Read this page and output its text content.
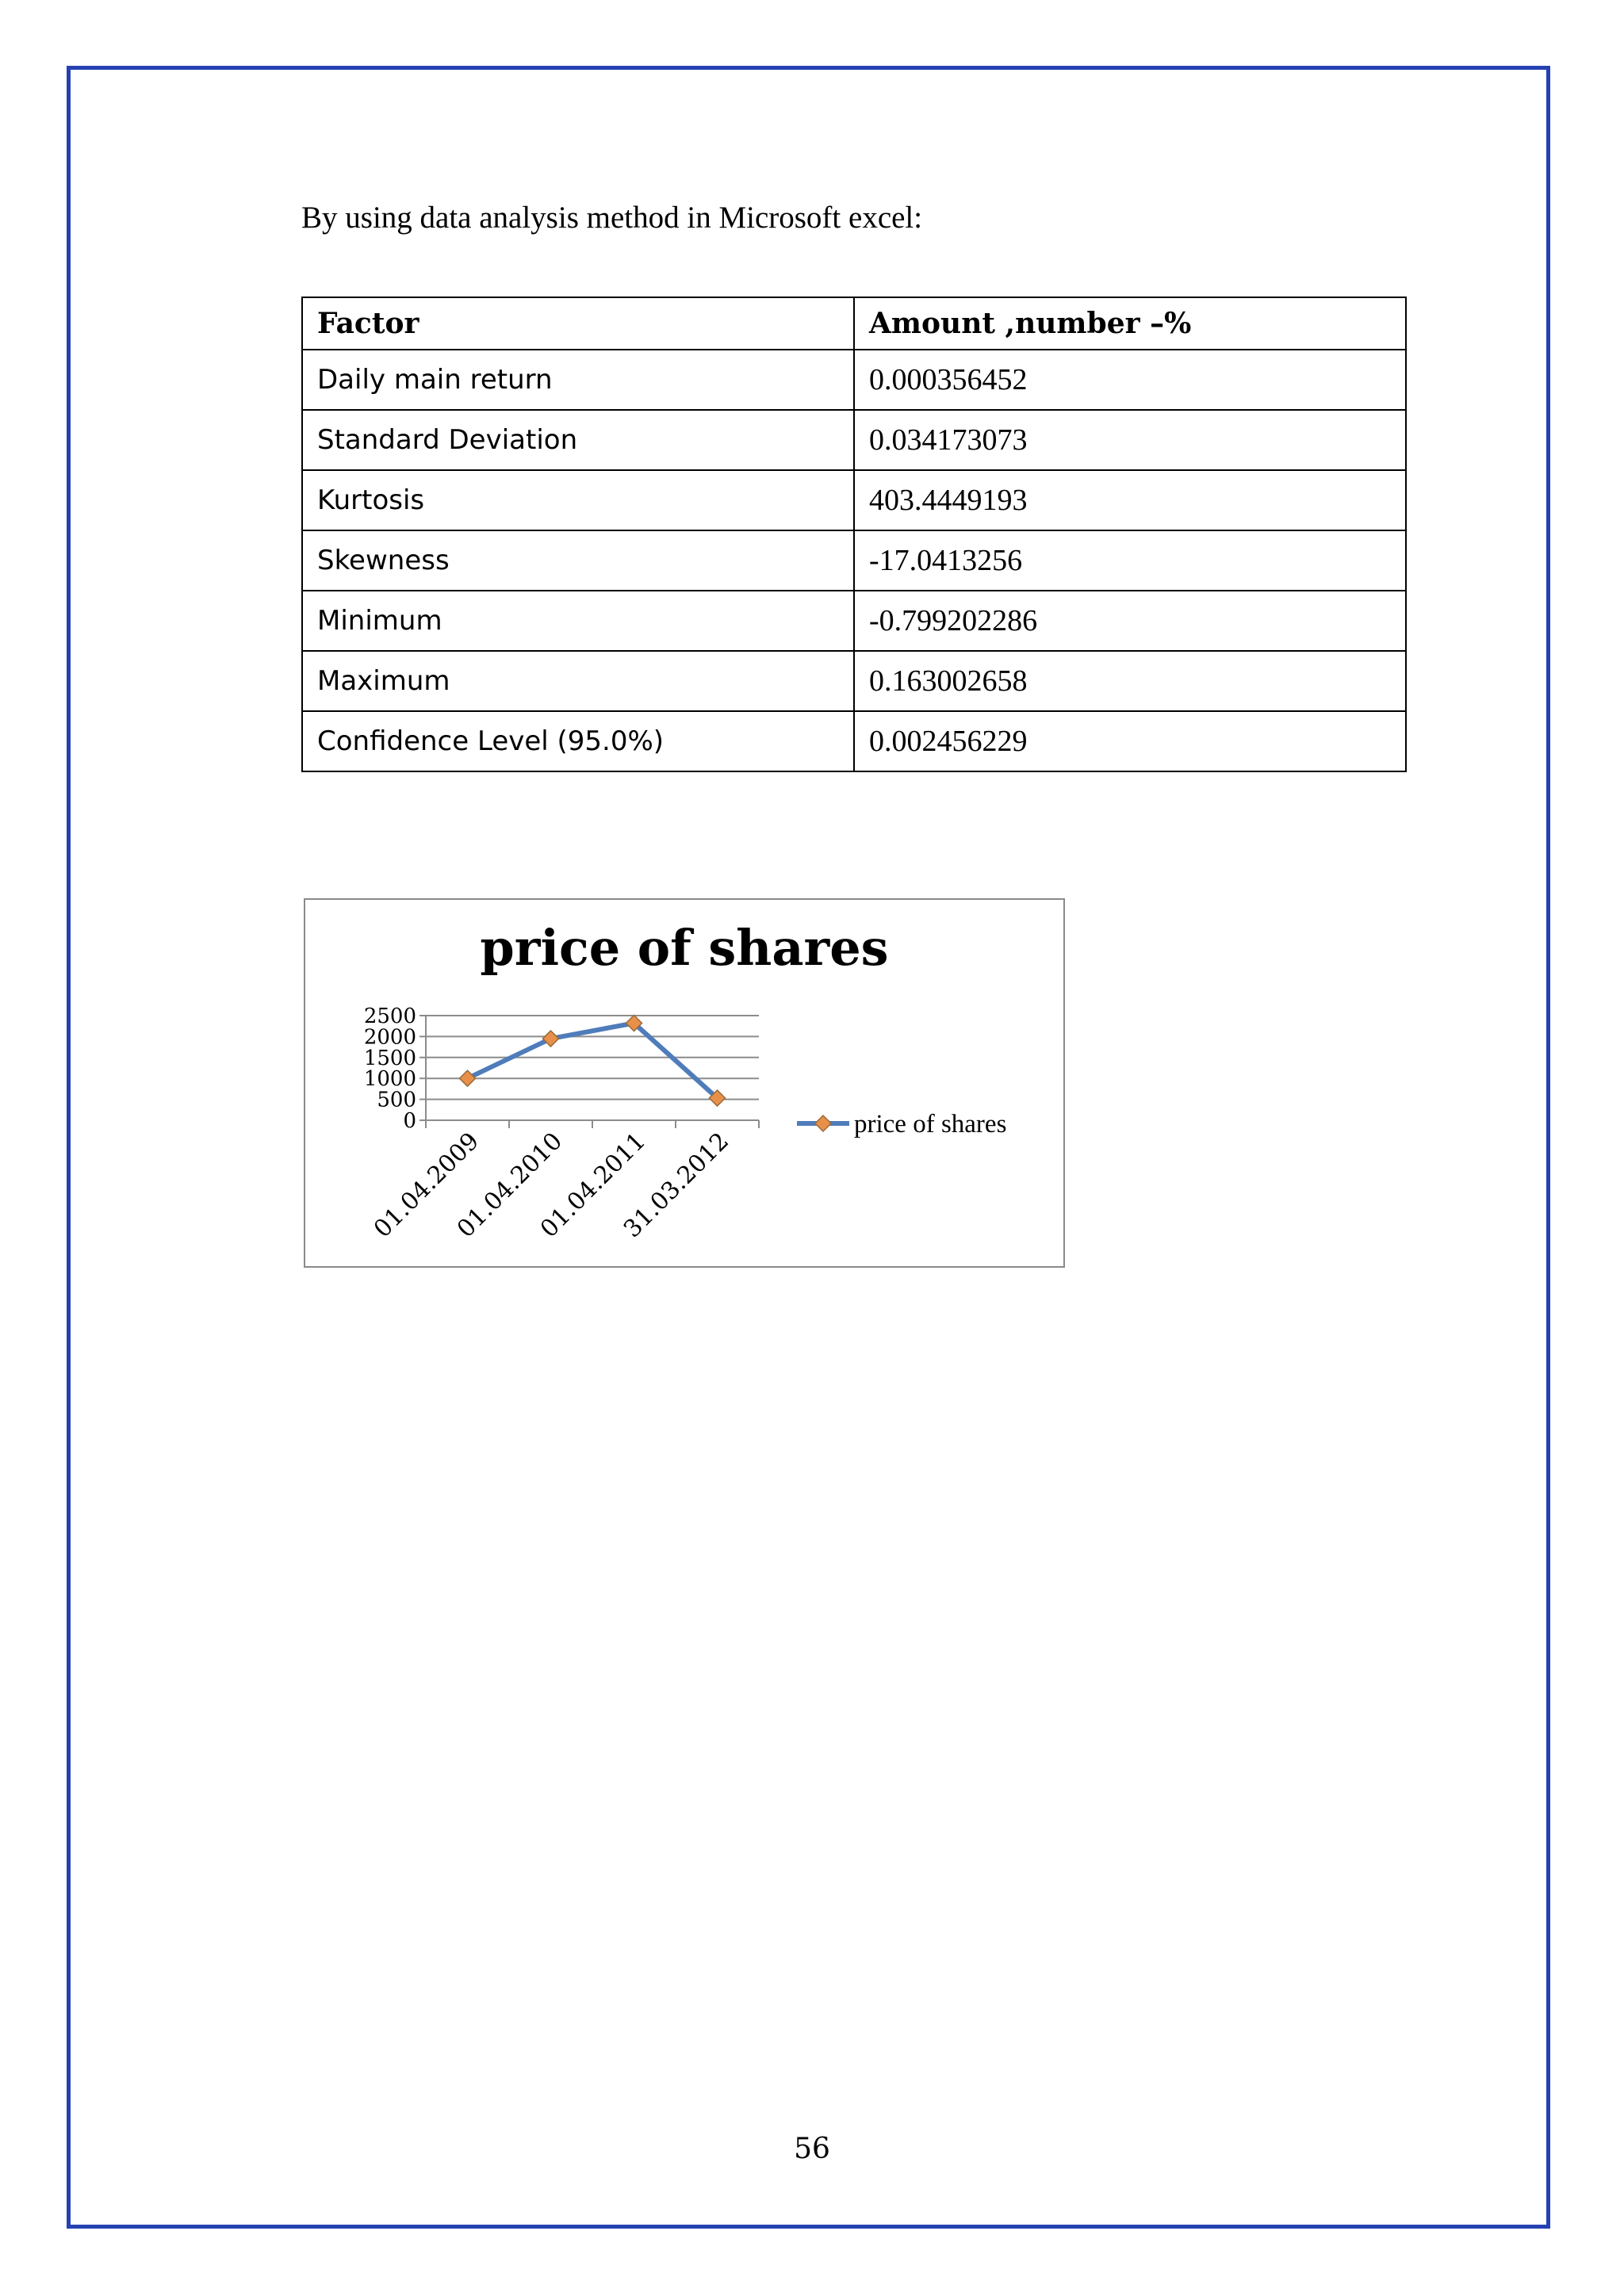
By using data analysis method in Microsoft excel:
Factor	Amount ,number –%
Daily main return	0.000356452
Standard Deviation	0.034173073
Kurtosis	403.4449193
Skewness	-17.0413256
Minimum	-0.799202286
Maximum	0.163002658
Confidence Level (95.0%)	0.002456229
price of shares
0
500
1000
1500
2000
2500
01.04.2009
01.04.2010
01.04.2011
31.03.2012
price of shares
56
